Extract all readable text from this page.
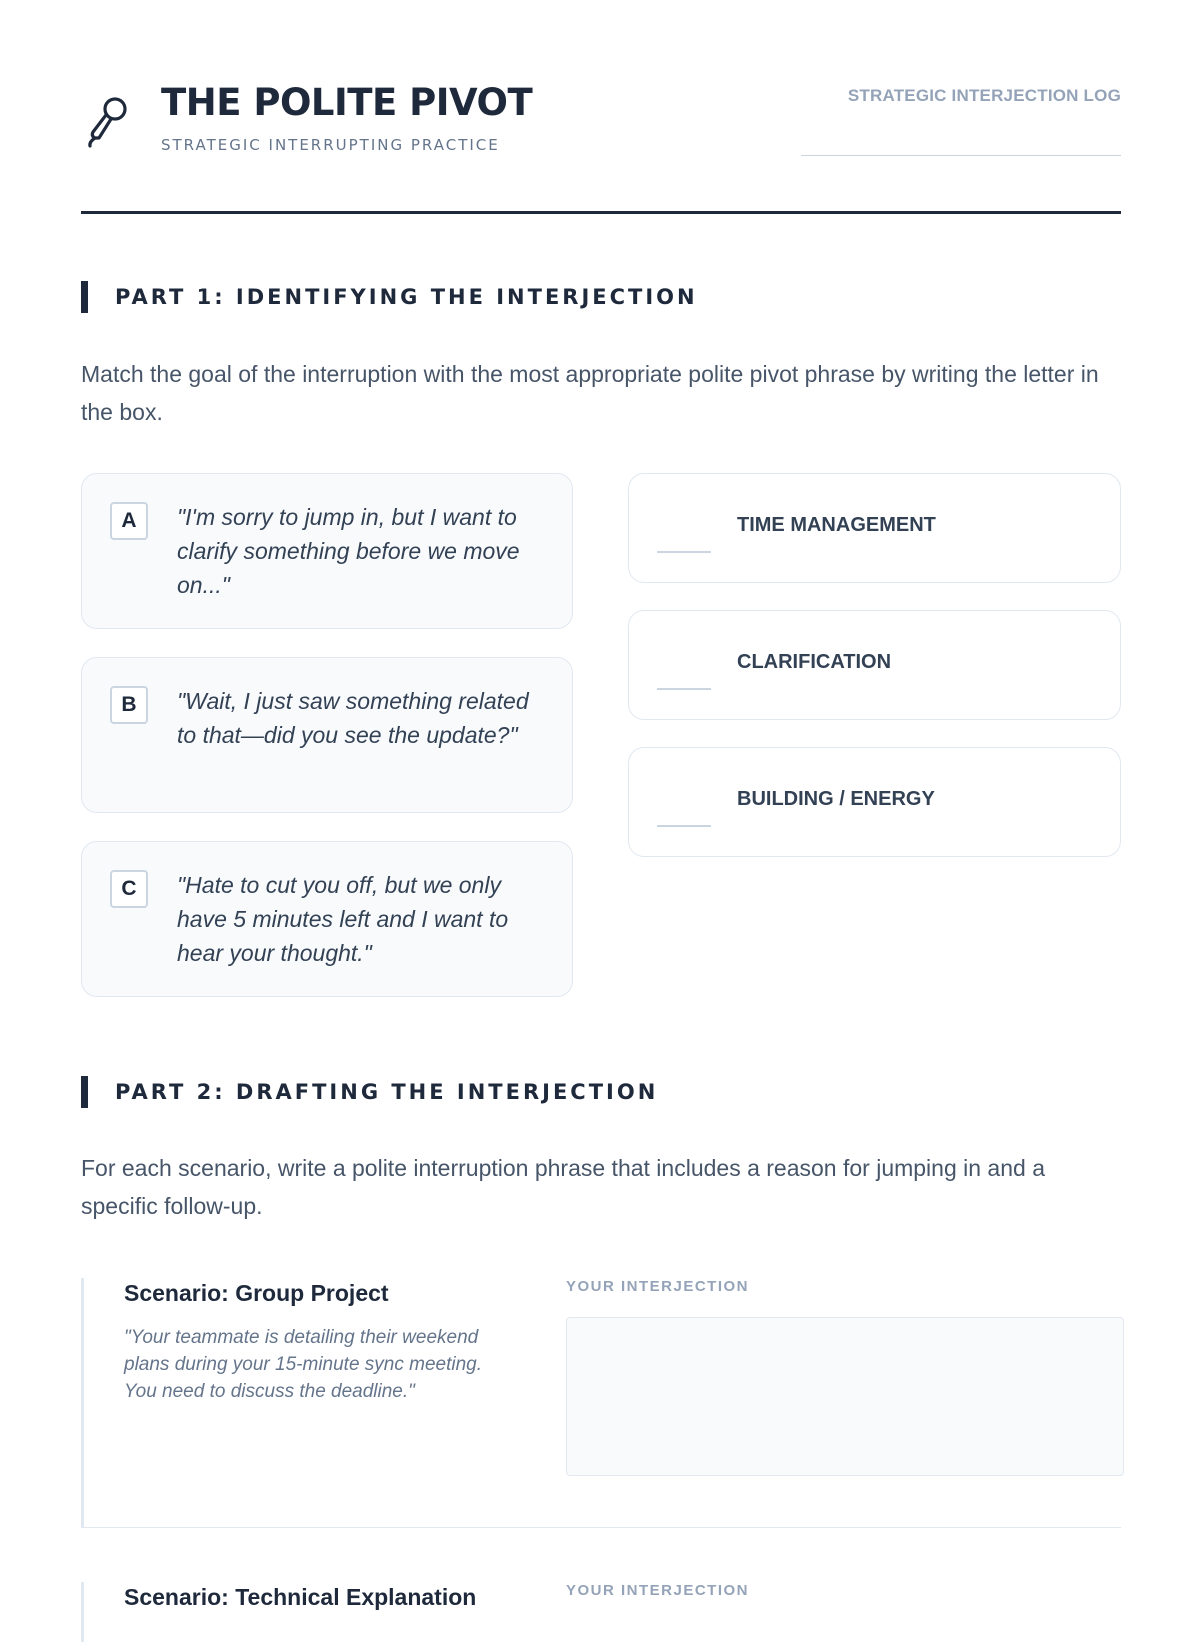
THE POLITE PIVOT
STRATEGIC INTERRUPTING PRACTICE
STRATEGIC INTERJECTION LOG
PART 1: IDENTIFYING THE INTERJECTION

Match the goal of the interruption with the most appropriate polite pivot phrase by writing the letter in the box.

A	"I'm sorry to jump in, but I want to clarify something before we move on..."

B	"Wait, I just saw something related to that—did you see the update?"

C	"Hate to cut you off, but we only have 5 minutes left and I want to hear your thought."

TIME MANAGEMENT
CLARIFICATION
BUILDING / ENERGY
PART 2: DRAFTING THE INTERJECTION

For each scenario, write a polite interruption phrase that includes a reason for jumping in and a specific follow-up.

Scenario: Group Project

"Your teammate is detailing their weekend plans during your 15-minute sync meeting. You need to discuss the deadline."

YOUR INTERJECTION
Scenario: Technical Explanation	YOUR INTERJECTION
